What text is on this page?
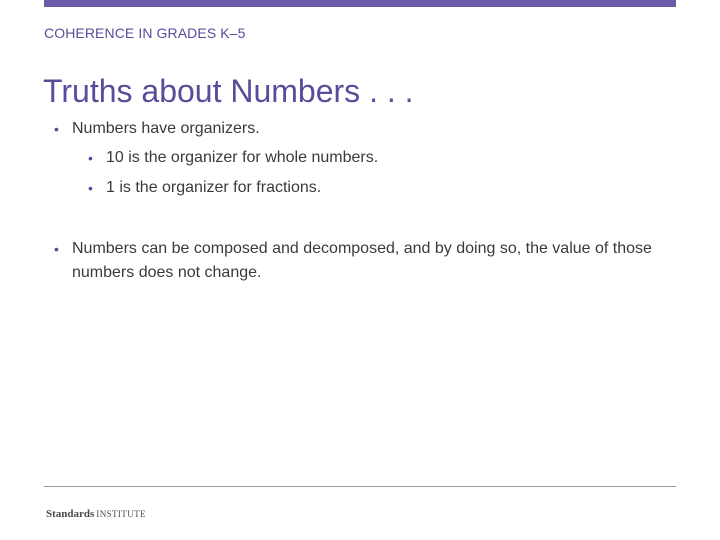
COHERENCE IN GRADES K–5
Truths about Numbers . . .
• Numbers have organizers.
• 10 is the organizer for whole numbers.
• 1 is the organizer for fractions.
• Numbers can be composed and decomposed, and by doing so, the value of those numbers does not change.
Standards INSTITUTE
